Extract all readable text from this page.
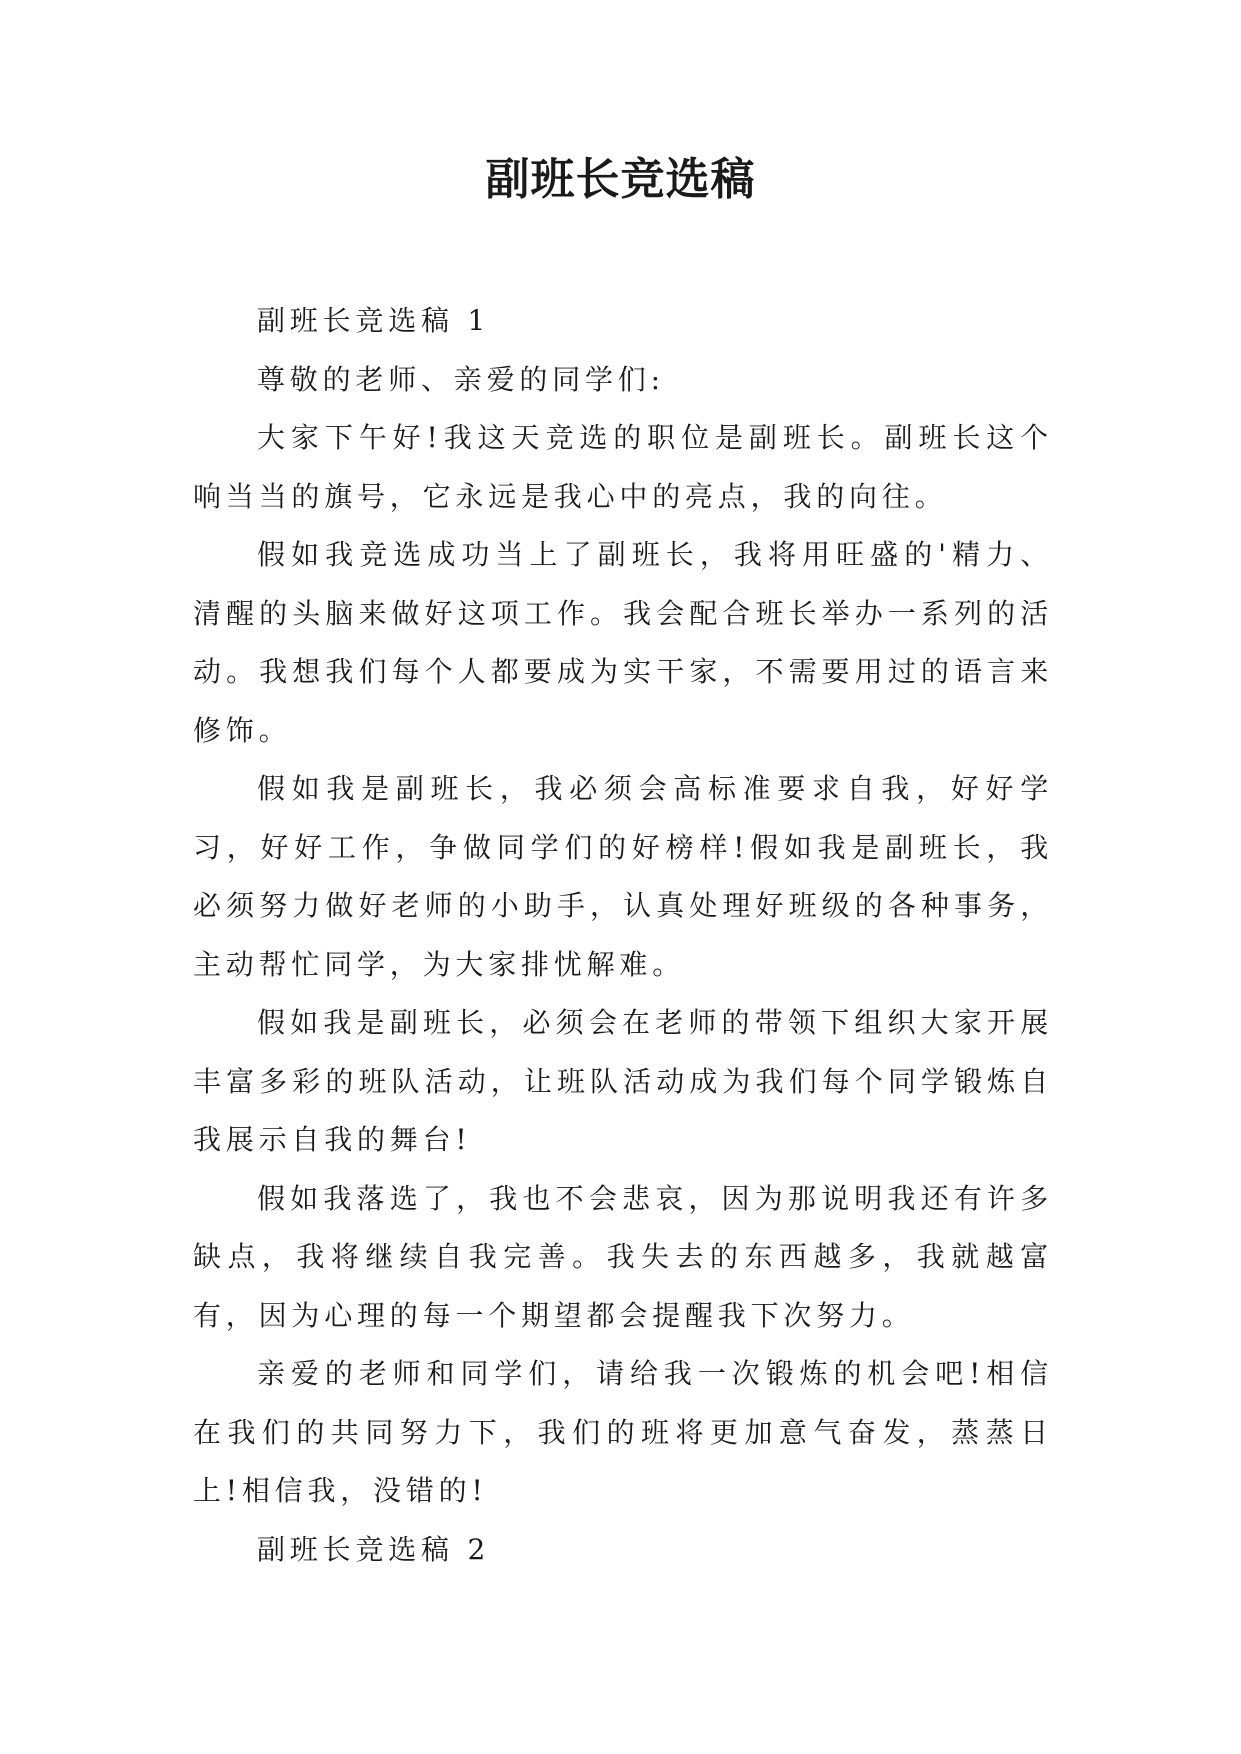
副班长竞选稿

副班长竞选稿 1

尊敬的老师、亲爱的同学们:

大家下午好!我这天竞选的职位是副班长。副班长这个响当当的旗号，它永远是我心中的亮点，我的向往。

假如我竞选成功当上了副班长，我将用旺盛的'精力、清醒的头脑来做好这项工作。我会配合班长举办一系列的活动。我想我们每个人都要成为实干家，不需要用过的语言来修饰。

假如我是副班长，我必须会高标准要求自我，好好学习，好好工作，争做同学们的好榜样!假如我是副班长，我必须努力做好老师的小助手，认真处理好班级的各种事务，主动帮忙同学，为大家排忧解难。

假如我是副班长，必须会在老师的带领下组织大家开展丰富多彩的班队活动，让班队活动成为我们每个同学锻炼自我展示自我的舞台!

假如我落选了，我也不会悲哀，因为那说明我还有许多缺点，我将继续自我完善。我失去的东西越多，我就越富有，因为心理的每一个期望都会提醒我下次努力。

亲爱的老师和同学们，请给我一次锻炼的机会吧!相信在我们的共同努力下，我们的班将更加意气奋发，蒸蒸日上!相信我，没错的!

副班长竞选稿 2
